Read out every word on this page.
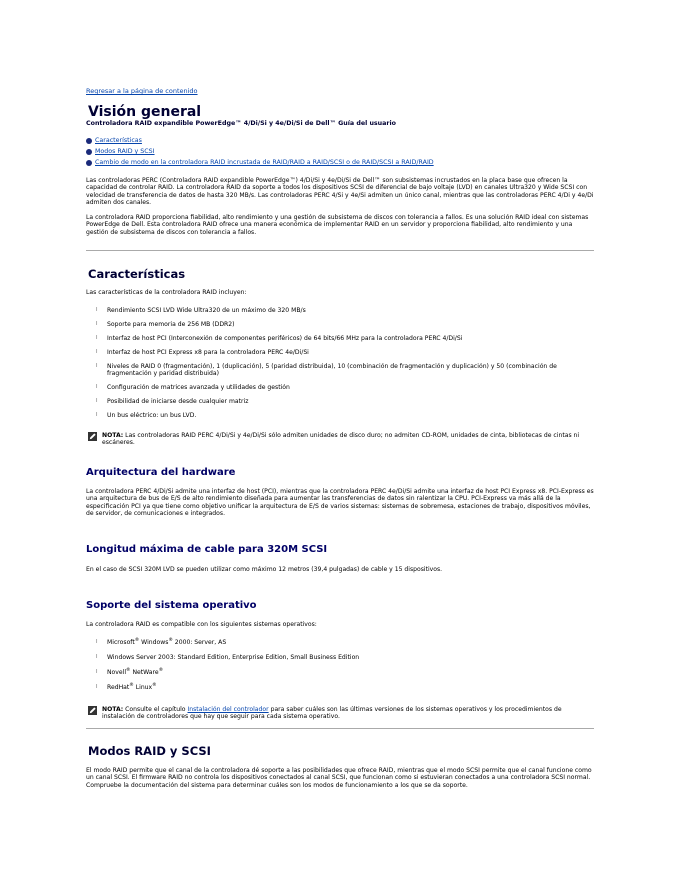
Regresar a la página de contenido
Visión general
Controladora RAID expandible PowerEdge™ 4/Di/Si y 4e/Di/Si de Dell™ Guía del usuario
Características
Modos RAID y SCSI
Cambio de modo en la controladora RAID incrustada de RAID/RAID a RAID/SCSI o de RAID/SCSI a RAID/RAID

Las controladoras PERC (Controladora RAID expandible PowerEdge™) 4/Di/Si y 4e/Di/Si de Dell™ son subsistemas incrustados en la placa base que ofrecen la capacidad de controlar RAID. La controladora RAID da soporte a todos los dispositivos SCSI de diferencial de bajo voltaje (LVD) en canales Ultra320 y Wide SCSI con velocidad de transferencia de datos de hasta 320 MB/s. Las controladoras PERC 4/Si y 4e/Si admiten un único canal, mientras que las controladoras PERC 4/Di y 4e/Di admiten dos canales.

La controladora RAID proporciona fiabilidad, alto rendimiento y una gestión de subsistema de discos con tolerancia a fallos. Es una solución RAID ideal con sistemas PowerEdge de Dell. Esta controladora RAID ofrece una manera económica de implementar RAID en un servidor y proporciona fiabilidad, alto rendimiento y una gestión de subsistema de discos con tolerancia a fallos.

Características

Las características de la controladora RAID incluyen:

l Rendimiento SCSI LVD Wide Ultra320 de un máximo de 320 MB/s
l Soporte para memoria de 256 MB (DDR2)
l Interfaz de host PCI (Interconexión de componentes periféricos) de 64 bits/66 MHz para la controladora PERC 4/Di/Si
l Interfaz de host PCI Express x8 para la controladora PERC 4e/Di/Si
l Niveles de RAID 0 (fragmentación), 1 (duplicación), 5 (paridad distribuida), 10 (combinación de fragmentación y duplicación) y 50 (combinación de fragmentación y paridad distribuida)
l Configuración de matrices avanzada y utilidades de gestión
l Posibilidad de iniciarse desde cualquier matriz
l Un bus eléctrico: un bus LVD.
NOTA: Las controladoras RAID PERC 4/Di/Si y 4e/Di/Si sólo admiten unidades de disco duro; no admiten CD-ROM, unidades de cinta, bibliotecas de cintas ni escáneres.
Arquitectura del hardware

La controladora PERC 4/Di/Si admite una interfaz de host (PCI), mientras que la controladora PERC 4e/Di/Si admite una interfaz de host PCI Express x8. PCI-Express es una arquitectura de bus de E/S de alto rendimiento diseñada para aumentar las transferencias de datos sin ralentizar la CPU. PCI-Express va más allá de la especificación PCI ya que tiene como objetivo unificar la arquitectura de E/S de varios sistemas: sistemas de sobremesa, estaciones de trabajo, dispositivos móviles, de servidor, de comunicaciones e integrados.

Longitud máxima de cable para 320M SCSI

En el caso de SCSI 320M LVD se pueden utilizar como máximo 12 metros (39,4 pulgadas) de cable y 15 dispositivos.

Soporte del sistema operativo

La controladora RAID es compatible con los siguientes sistemas operativos:

l Microsoft® Windows® 2000: Server, AS
l Windows Server 2003: Standard Edition, Enterprise Edition, Small Business Edition
l Novell® NetWare®
l RedHat® Linux®
NOTA: Consulte el capítulo Instalación del controlador para saber cuáles son las últimas versiones de los sistemas operativos y los procedimientos de instalación de controladores que hay que seguir para cada sistema operativo.
Modos RAID y SCSI

El modo RAID permite que el canal de la controladora dé soporte a las posibilidades que ofrece RAID, mientras que el modo SCSI permite que el canal funcione como un canal SCSI. El firmware RAID no controla los dispositivos conectados al canal SCSI, que funcionan como si estuvieran conectados a una controladora SCSI normal. Compruebe la documentación del sistema para determinar cuáles son los modos de funcionamiento a los que se da soporte.
